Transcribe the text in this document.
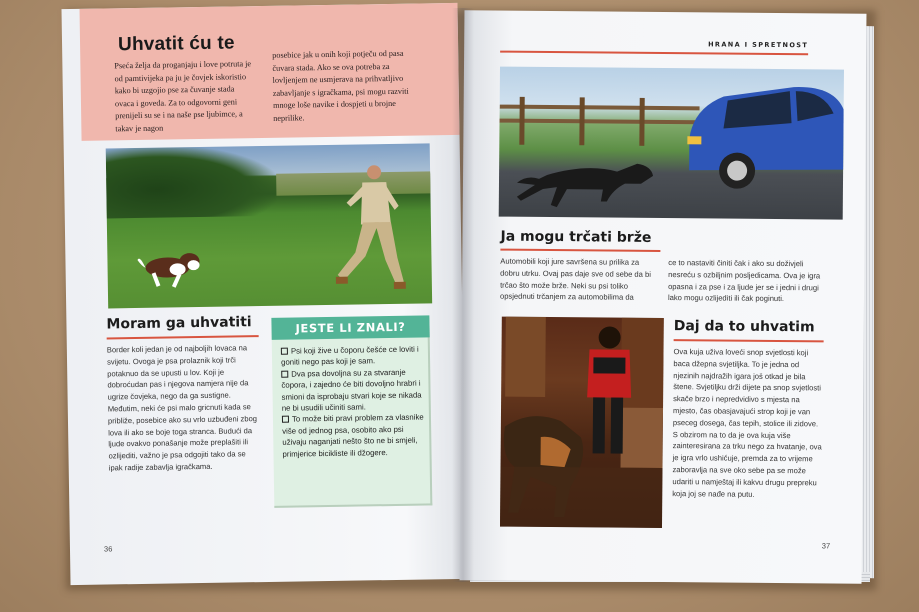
Uhvatit ću te
Pseća želja da proganjaju i love potruta je od pamtivijeka pa ju je čovjek iskoristio kako bi uzgojio pse za čuvanje stada ovaca i goveda. Za to odgovorni geni prenijeli su se i na naše pse ljubimce, a takav je nagon
posebice jak u onih koji potječu od pasa čuvara stada. Ako se ova potreba za lovljenjem ne usmjerava na prihvatljivo zabavljanje s igračkama, psi mogu razviti mnoge loše navike i dospjeti u brojne neprilike.
Moram ga uhvatiti
Border koli jedan je od najboljih lovaca na svijetu. Ovoga je psa prolaznik koji trči potaknuo da se upusti u lov. Koji je dobroćudan pas i njegova namjera nije da ugrize čovjeka, nego da ga sustigne. Međutim, neki će psi malo gricnuti kada se približe, posebice ako su vrlo uzbuđeni zbog lova ili ako se boje toga stranca. Budući da ljude ovakvo ponašanje može preplašiti ili ozlijediti, važno je psa odgojiti tako da se ipak radije zabavlja igračkama.
JESTE LI ZNALI?

Psi koji žive u čoporu češće ce loviti i goniti nego pas koji je sam.

Dva psa dovoljna su za stvaranje čopora, i zajedno će biti dovoljno hrabri i smioni da isprobaju stvari koje se nikada ne bi usudili učiniti sami.

To može biti pravi problem za vlasnike više od jednog psa, osobito ako psi uživaju naganjati nešto što ne bi smjeli, primjerice bicikliste ili džogere.

36
HRANA I SPRETNOST
Ja mogu trčati brže
Automobili koji jure savršena su prilika za dobru utrku. Ovaj pas daje sve od sebe da bi trčao što može brže. Neki su psi toliko opsjednuti trčanjem za automobilima da
ce to nastaviti činiti čak i ako su doživjeli nesreću s ozbiljnim posljedicama. Ova je igra opasna i za pse i za ljude jer se i jedni i drugi lako mogu ozlijediti ili čak poginuti.
Daj da to uhvatim
Ova kuja uživa loveći snop svjetlosti koji baca džepna svjetiljka. To je jedna od njezinih najdražih igara još otkad je bila štene. Svjetiljku drži dijete pa snop svjetlosti skače brzo i nepredvidivo s mjesta na mjesto, čas obasjavajući strop koji je van pseceg dosega, čas tepih, stolice ili zidove. S obzirom na to da je ova kuja više zainteresirana za trku nego za hvatanje, ova je igra vrlo ushićuje, premda za to vrijeme zaboravlja na sve oko sebe pa se može udariti u namještaj ili kakvu drugu prepreku koja joj se nađe na putu.
37
